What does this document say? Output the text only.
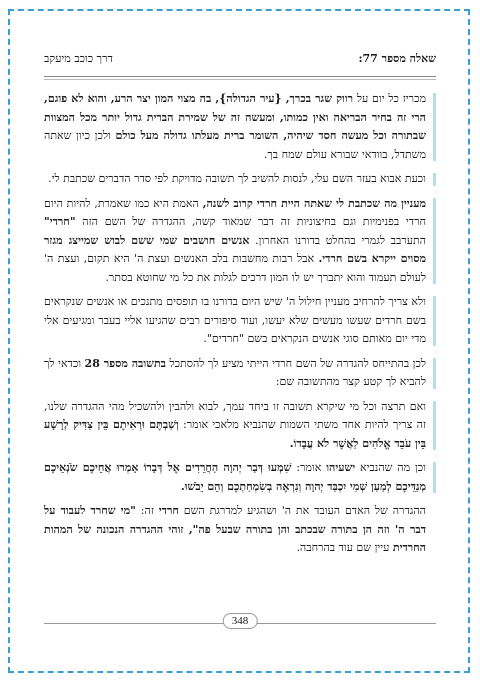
שאלה מספר 77:
דרך כוכב מיעקב
מכריז כל יום על רווק שגר בכרך, {עיר הגדולה}, בה מצוי המון יצר הרע, והוא לא פוגם, הרי זה בחיר הבריאה ואין כמותו, ומעשה זה של שמירת הברית גדול יותר מכל המצוות שבתורה וכל מעשה חסד שיהיה, השומר ברית מעלתו גדולה מעל כולם ולכן כיון שאתה משתדל, בוודאי שבורא עולם שמח בך.
וכעת אבוא בעזר השם עלי, לנסות להשיב לך תשובה מדויקת לפי סדר הדברים שכתבת לי.
מעניין מה שכתבת לי שאתה היית חרדי קרוב לשנה, האמת היא כמו שאמרת, להיות היום חרדי בפנימיות וגם בחיצוניות זה דבר שמאוד קשה, ההגדרה של השם הזה "חרדי" התערבב לגמרי בהחלט בדורנו האחרון. אנשים חושבים שמי ששם לבוש שמייצג מגזר מסוים ייקרא בשם חרדי. אבל רבות מחשבות בלב האנשים ועצת ה' היא תקום, ועצת ה' לעולם תעמוד והוא יתברך יש לו המון דרכים לגלות את כל מי שחוטא בסתר.
ולא צריך להרחיב מעניין חילול ה' שיש היום בדורנו בו תופסים מתנכים או אנשים שנקראים בשם חרדים שעשו מעשים שלא יעשו, ועוד סיפורים רבים שהגיעו אליי בעבר ומגיעים אלי מדי יום מאותם סוגי אנשים הנקראים בשם "חרדים".
לכן בהתייחס להגדרה של השם חרדי הייתי מציע לך להסתכל בתשובה מספר 28 וכדאי לך להביא לך קטע קצר מהתשובה שם:
ואם תרצה וכל מי שיקרא תשובה זו ביחד עמך, לבוא ולהבין ולהשכיל מהי ההגדרה שלנו, זה צריך להיות אחד משתי השמות שהנביא מלאכי אומר: וְשַׁבְתֶּם וּרְאִיתֶם בֵּין צַדִּיק לְרָשָׁע בֵּין עֹבֵד אֱלֹהִים לַאֲשֶׁר לֹא עֲבָדוֹ.
וכן מה שהנביא ישעיהו אומר: שִׁמְעוּ דְּבַר יְהוָה הַחֲרֵדִים אֶל דְּבָרוֹ אָמְרוּ אֲחֵיכֶם שֹׂנְאֵיכֶם מְנַדֵּיכֶם לְמַעַן שְׁמִי יִכְבַּד יְהוָה וְנִרְאֶה בְשִׂמְחַתְכֶם וְהֵם יֵבֹשׁוּ.
ההגדרה של האדם העובד את ה' ושהגיע למדרגת השם חרדי זה: "מי שחרד לעבוד על דבר ה' וזה הן בתורה שבכתב והן בתורה שבעל פה", זוהי ההגדרה הנכונה של המהות החרדית עיין שם עוד בהרחבה.
348
